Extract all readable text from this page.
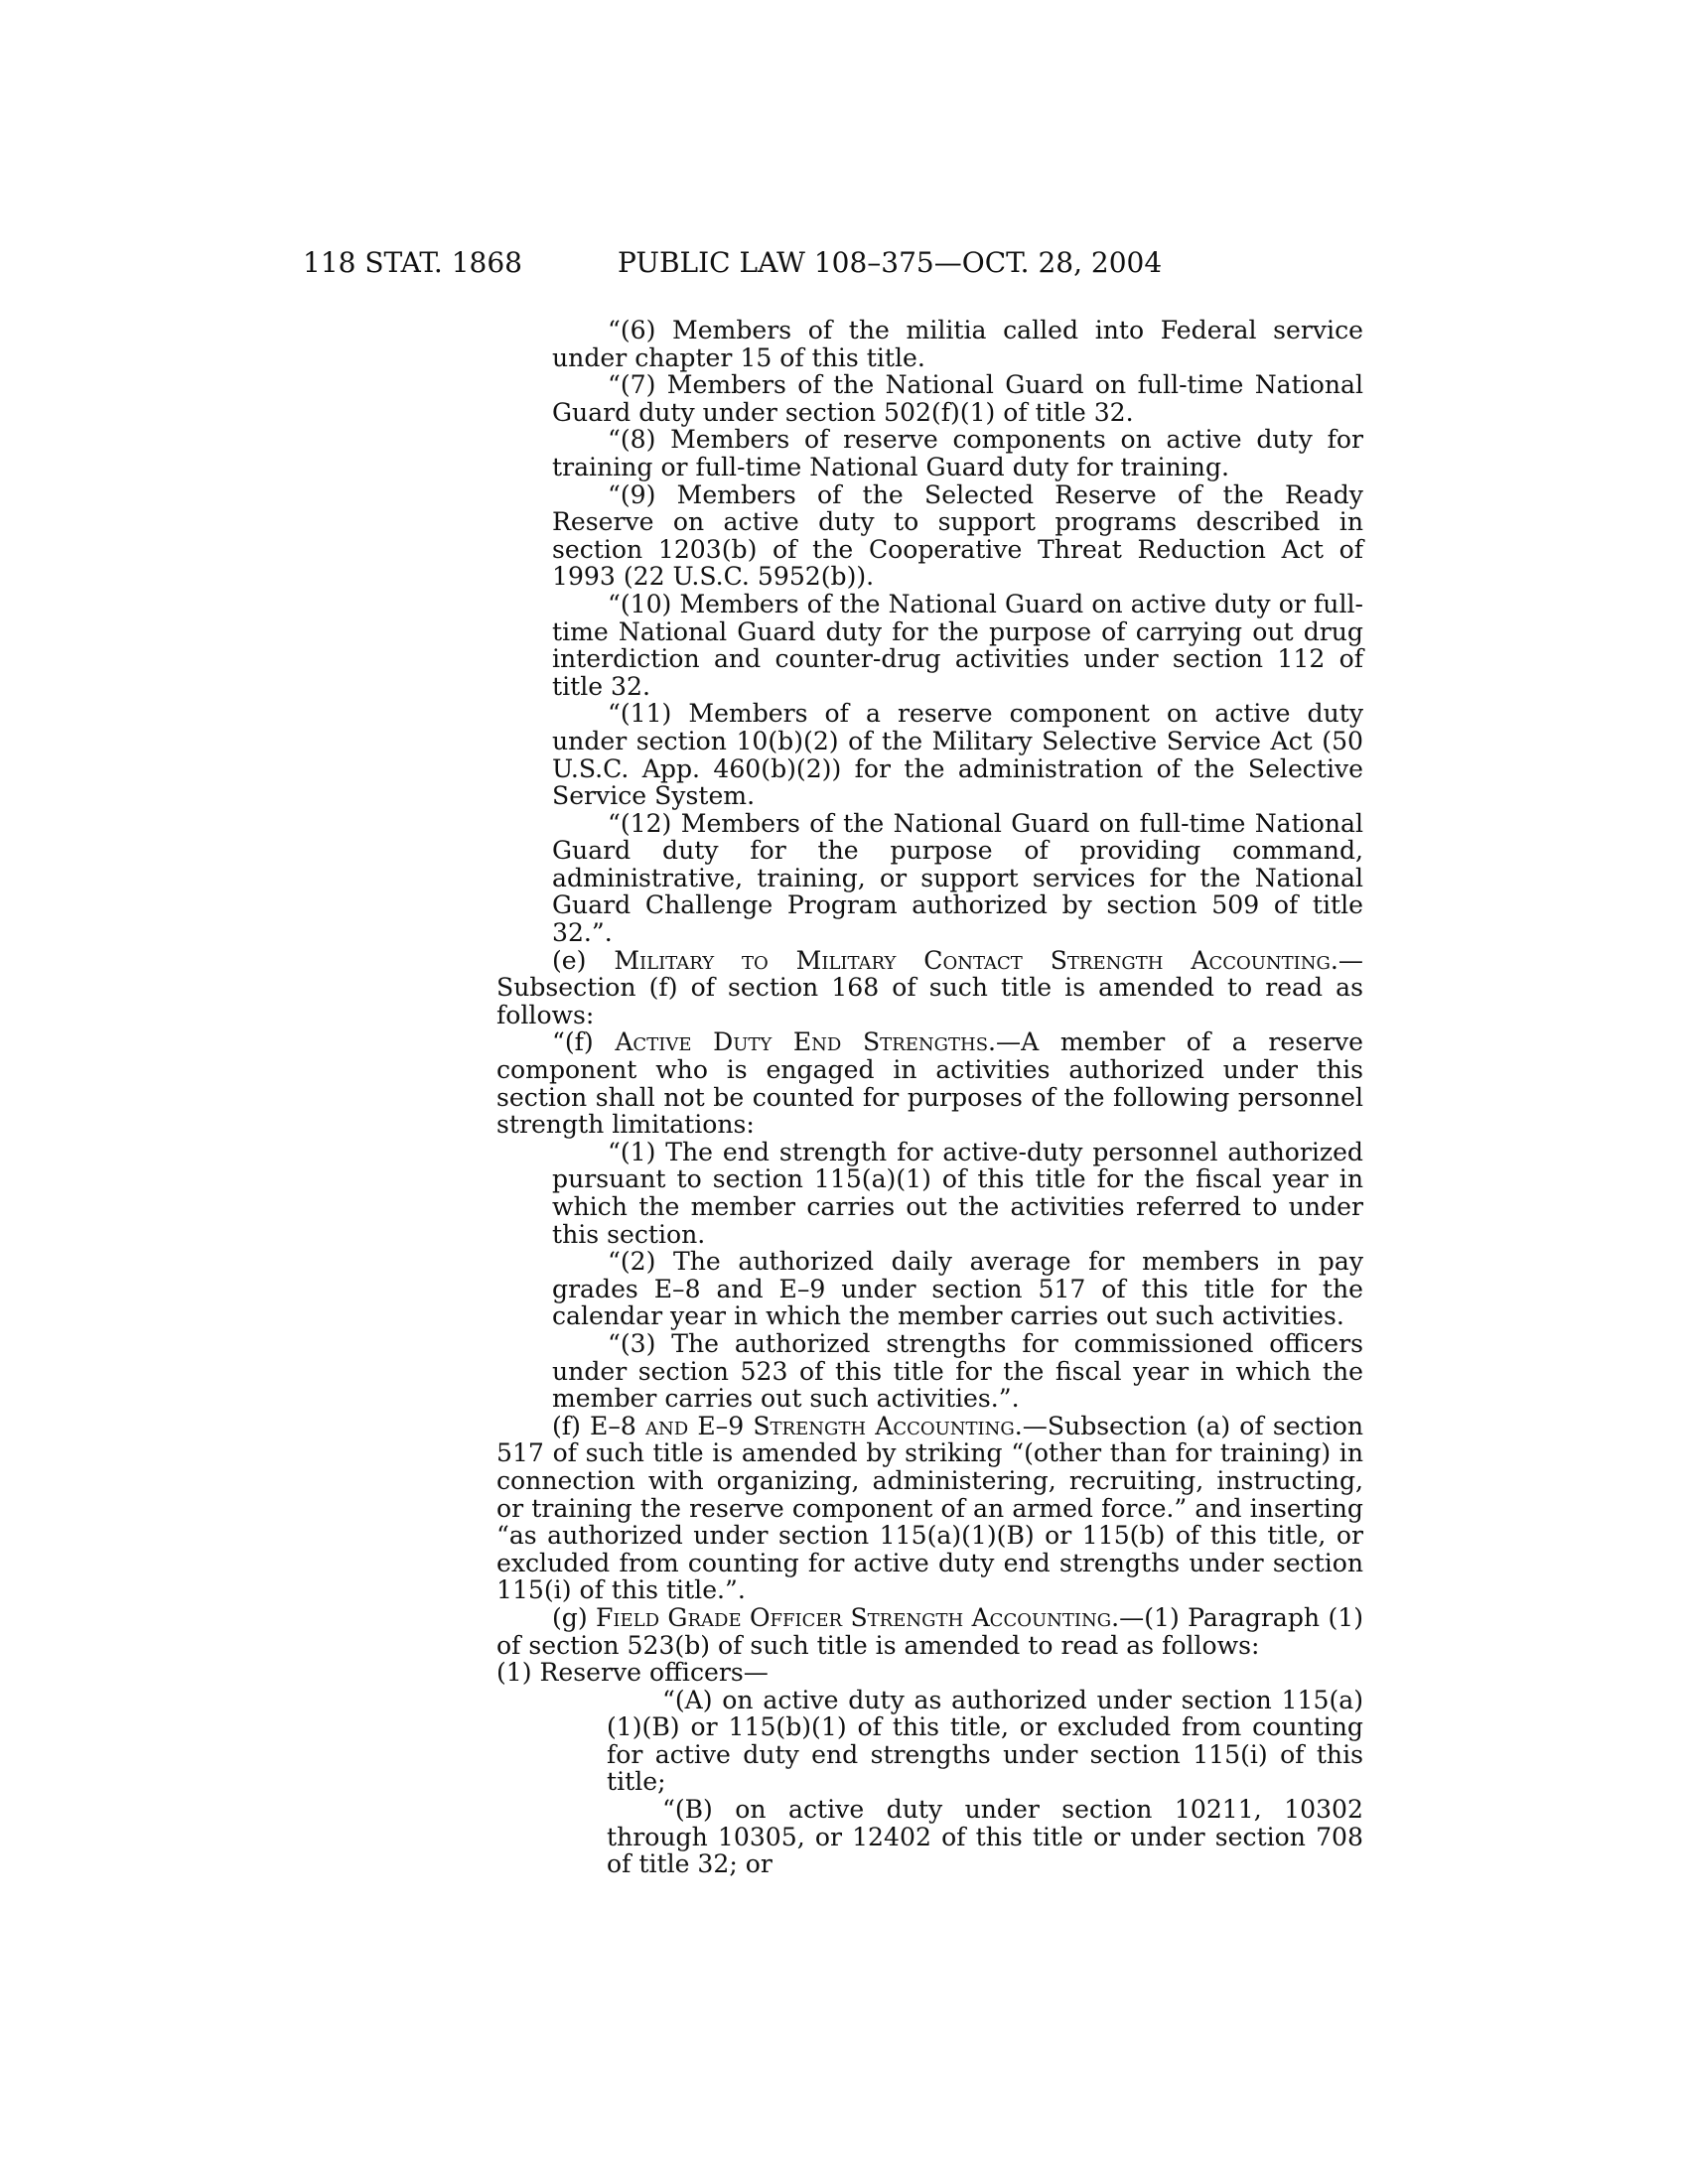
118 STAT. 1868	PUBLIC LAW 108–375—OCT. 28, 2004

“(6) Members of the militia called into Federal service under chapter 15 of this title.

“(7) Members of the National Guard on full-time National Guard duty under section 502(f)(1) of title 32.

“(8) Members of reserve components on active duty for training or full-time National Guard duty for training.

“(9) Members of the Selected Reserve of the Ready Reserve on active duty to support programs described in section 1203(b) of the Cooperative Threat Reduction Act of 1993 (22 U.S.C. 5952(b)).

“(10) Members of the National Guard on active duty or full-time National Guard duty for the purpose of carrying out drug interdiction and counter-drug activities under section 112 of title 32.

“(11) Members of a reserve component on active duty under section 10(b)(2) of the Military Selective Service Act (50 U.S.C. App. 460(b)(2)) for the administration of the Selective Service System.

“(12) Members of the National Guard on full-time National Guard duty for the purpose of providing command, administrative, training, or support services for the National Guard Challenge Program authorized by section 509 of title 32.”.

(e) Military to Military Contact Strength Accounting.—Subsection (f) of section 168 of such title is amended to read as follows:

“(f) Active Duty End Strengths.—A member of a reserve component who is engaged in activities authorized under this section shall not be counted for purposes of the following personnel strength limitations:

“(1) The end strength for active-duty personnel authorized pursuant to section 115(a)(1) of this title for the fiscal year in which the member carries out the activities referred to under this section.

“(2) The authorized daily average for members in pay grades E–8 and E–9 under section 517 of this title for the calendar year in which the member carries out such activities.

“(3) The authorized strengths for commissioned officers under section 523 of this title for the fiscal year in which the member carries out such activities.”.

(f) E–8 and E–9 Strength Accounting.—Subsection (a) of section 517 of such title is amended by striking “(other than for training) in connection with organizing, administering, recruiting, instructing, or training the reserve component of an armed force.” and inserting “as authorized under section 115(a)(1)(B) or 115(b) of this title, or excluded from counting for active duty end strengths under section 115(i) of this title.”.

(g) Field Grade Officer Strength Accounting.—(1) Paragraph (1) of section 523(b) of such title is amended to read as follows:

(1) Reserve officers—

“(A) on active duty as authorized under section 115(a)(1)(B) or 115(b)(1) of this title, or excluded from counting for active duty end strengths under section 115(i) of this title;

“(B) on active duty under section 10211, 10302 through 10305, or 12402 of this title or under section 708 of title 32; or
